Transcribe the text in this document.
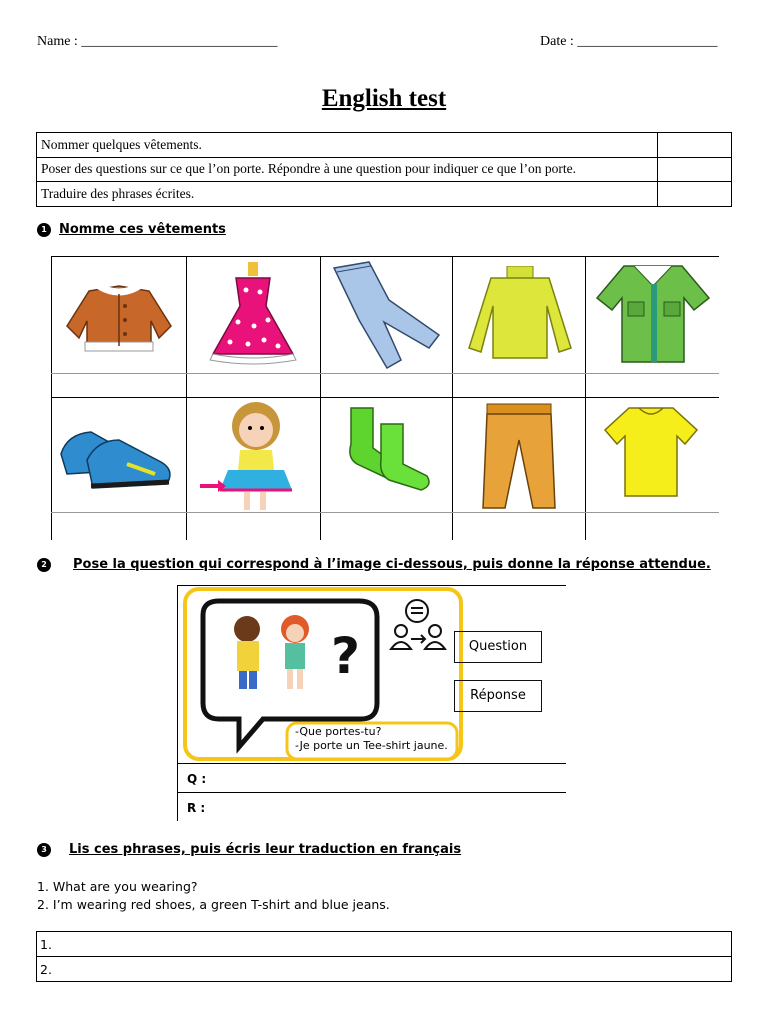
Name : ____________________________	Date : ____________________
English test
Nommer quelques vêtements.	
Poser des questions sur ce que l’on porte. Répondre à une question pour indiquer ce que l’on porte.	
Traduire des phrases écrites.	
1 Nomme ces vêtements
2 Pose la question qui correspond à l’image ci-dessous, puis donne la réponse attendue.
?
-Que portes-tu?
-Je porte un Tee-shirt jaune.
Question
Réponse
Q :
R :
3 Lis ces phrases, puis écris leur traduction en français
1. What are you wearing?
2. I’m wearing red shoes, a green T-shirt and blue jeans.
1.
2.
